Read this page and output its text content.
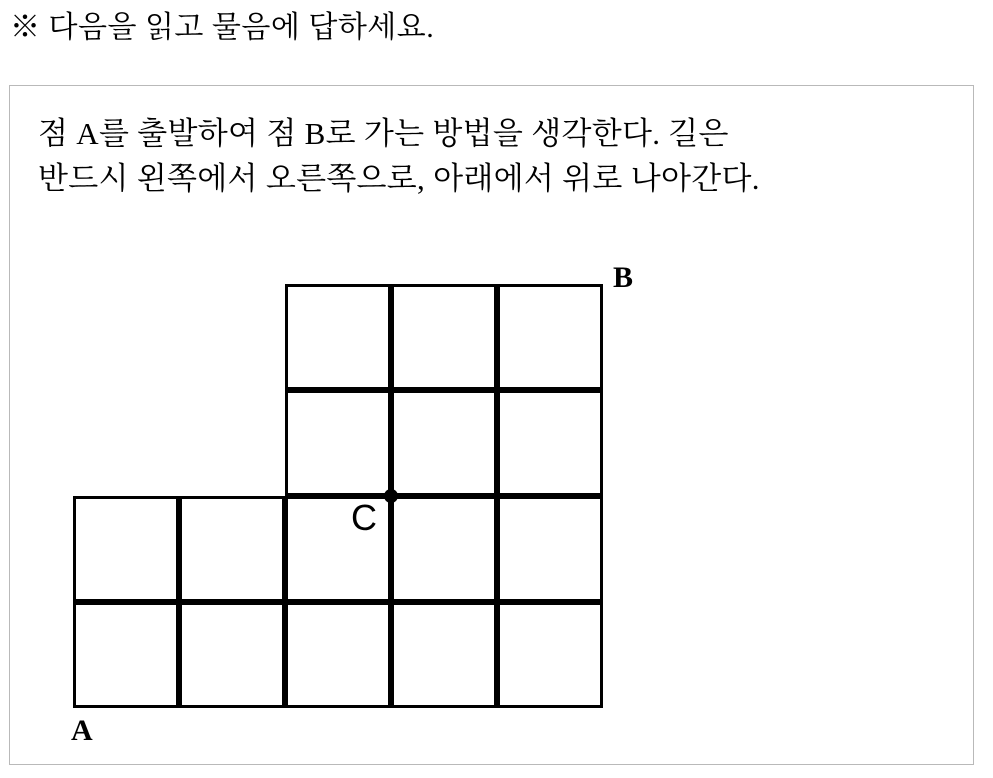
※ 다음을 읽고 물음에 답하세요.
점 A를 출발하여 점 B로 가는 방법을 생각한다. 길은
반드시 왼쪽에서 오른쪽으로, 아래에서 위로 나아간다.
C
B
A
